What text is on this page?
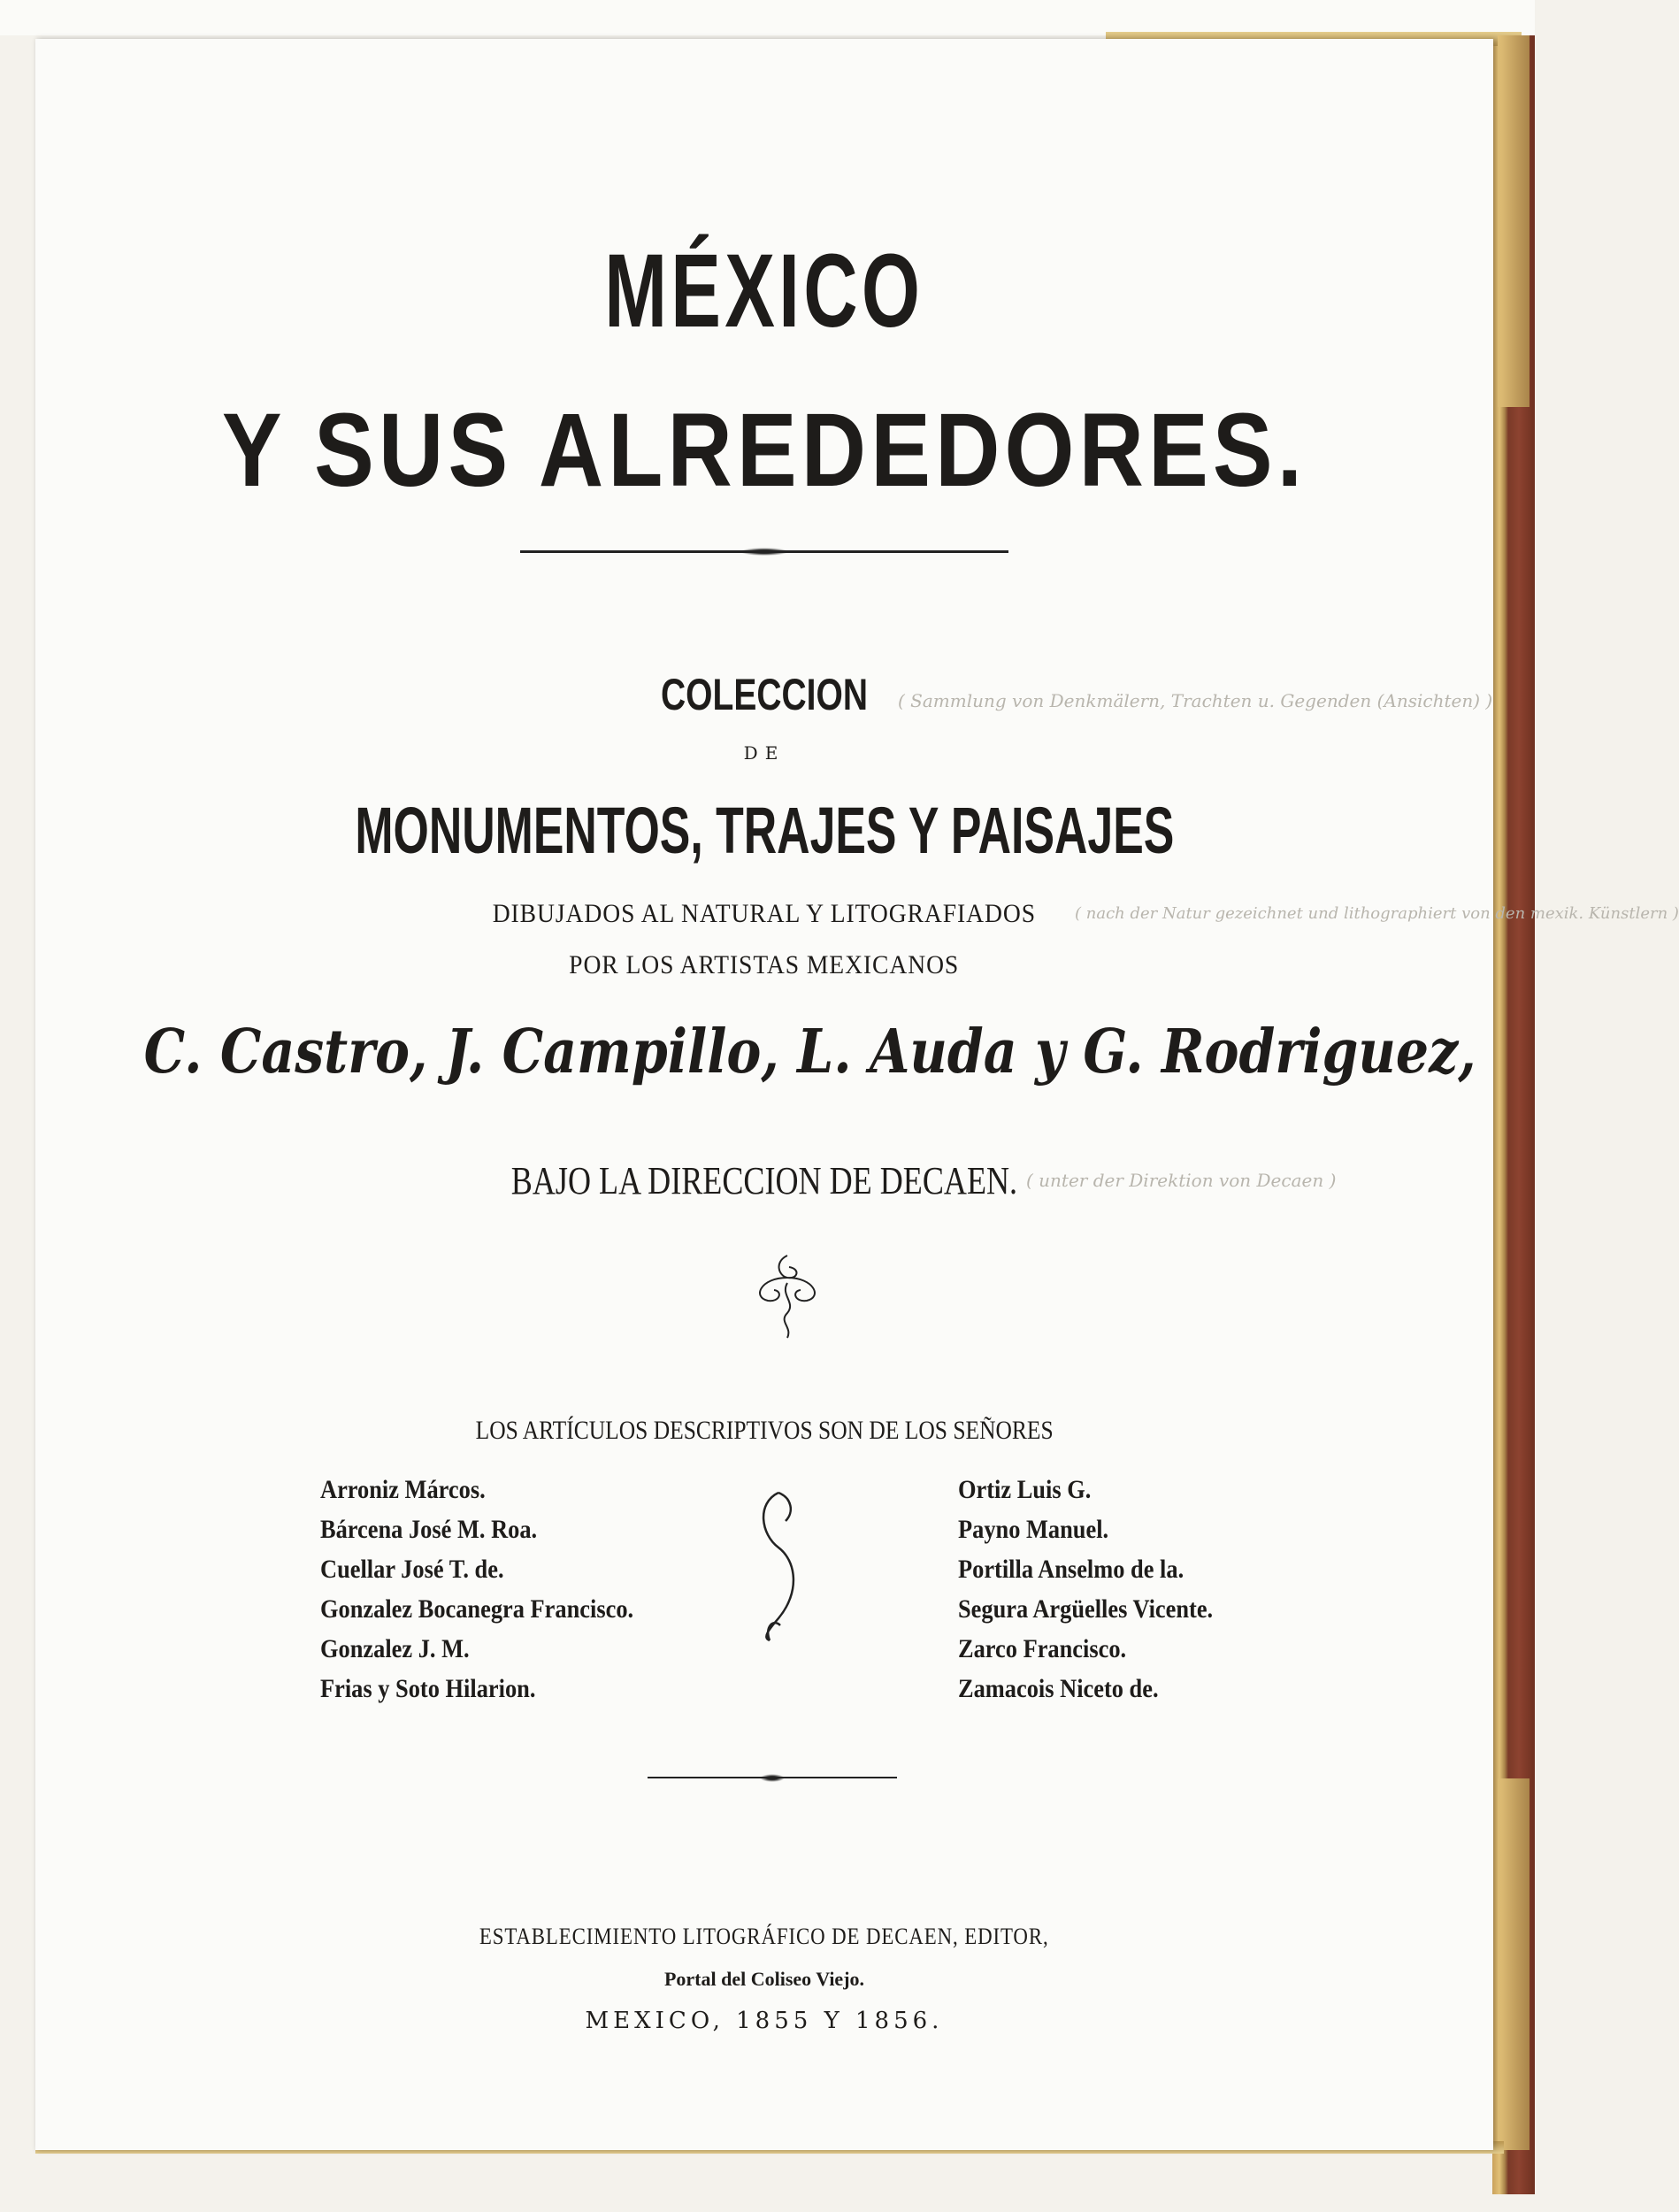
MÉXICO
Y SUS ALREDEDORES.
COLECCION	( Sammlung von Denkmälern, Trachten u. Gegenden (Ansichten) )
DE
MONUMENTOS, TRAJES Y PAISAJES
DIBUJADOS AL NATURAL Y LITOGRAFIADOS	( nach der Natur gezeichnet und lithographiert von den mexik. Künstlern )
POR LOS ARTISTAS MEXICANOS
C. Castro, J. Campillo, L. Auda y G. Rodriguez,
BAJO LA DIRECCION DE DECAEN. ( unter der Direktion von Decaen )
LOS ARTÍCULOS DESCRIPTIVOS SON DE LOS SEÑORES
Arroniz Márcos.
Bárcena José M. Roa.
Cuellar José T. de.
Gonzalez Bocanegra Francisco.
Gonzalez J. M.
Frias y Soto Hilarion.
Ortiz Luis G.
Payno Manuel.
Portilla Anselmo de la.
Segura Argüelles Vicente.
Zarco Francisco.
Zamacois Niceto de.
ESTABLECIMIENTO LITOGRÁFICO DE DECAEN, EDITOR,
Portal del Coliseo Viejo.
MEXICO, 1855 Y 1856.
